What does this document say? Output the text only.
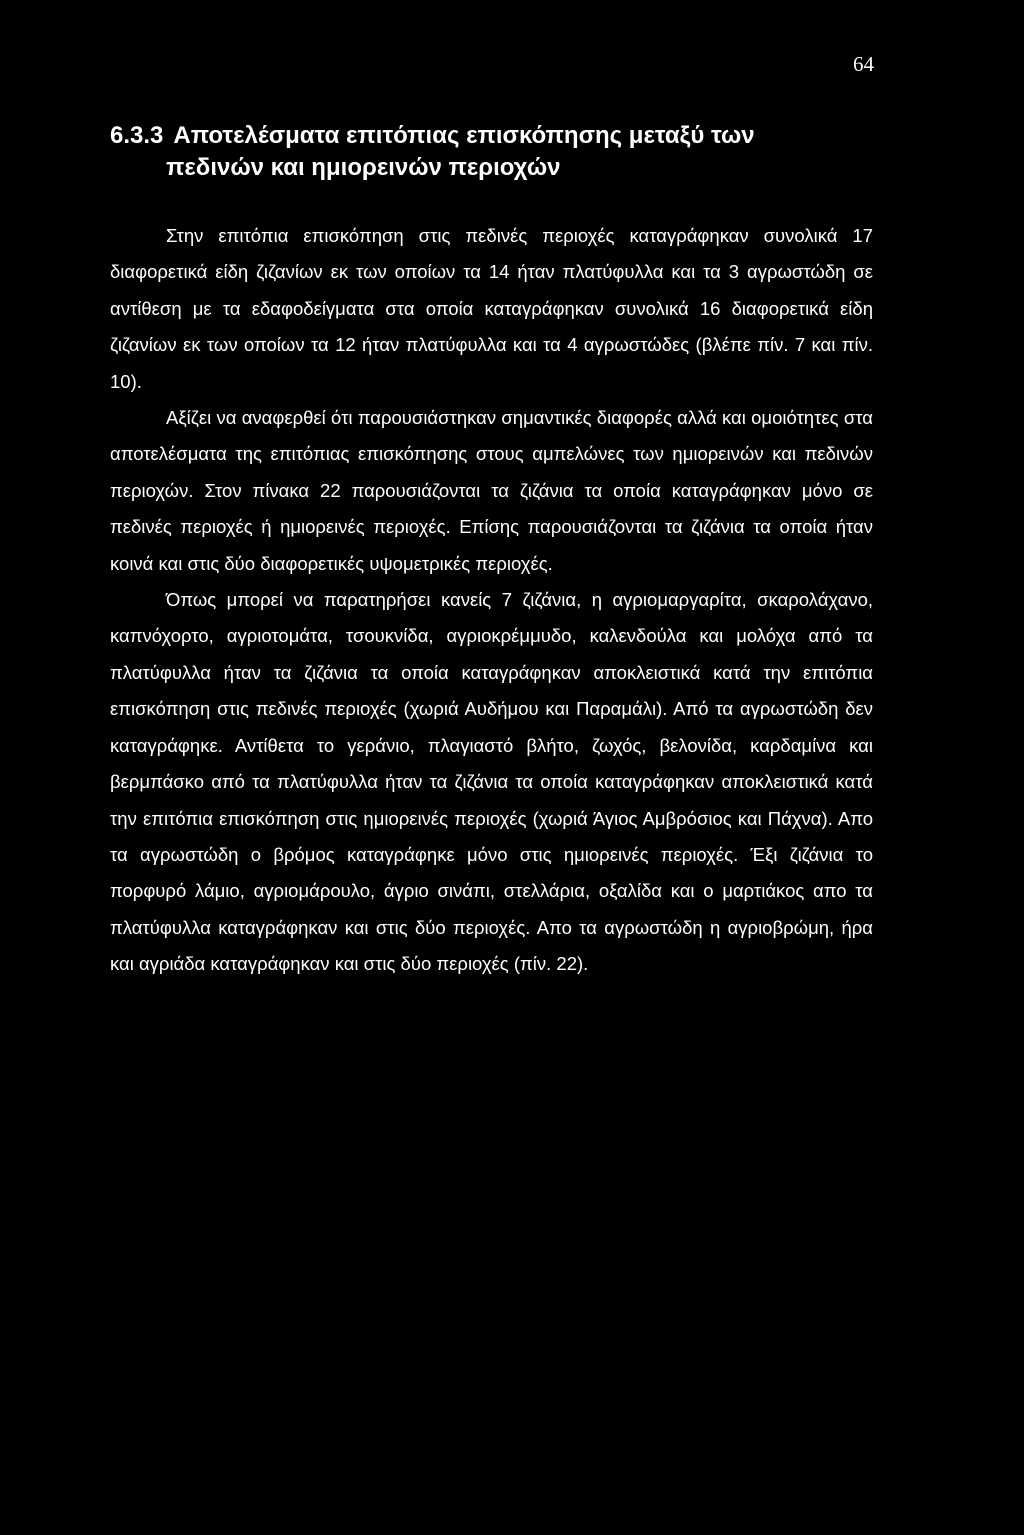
64
6.3.3 Αποτελέσματα επιτόπιας επισκόπησης μεταξύ των
πεδινών και ημιορεινών περιοχών

Στην επιτόπια επισκόπηση στις πεδινές περιοχές καταγράφηκαν συνολικά 17 διαφορετικά είδη ζιζανίων εκ των οποίων τα 14 ήταν πλατύφυλλα και τα 3 αγρωστώδη σε αντίθεση με τα εδαφοδείγματα στα οποία καταγράφηκαν συνολικά 16 διαφορετικά είδη ζιζανίων εκ των οποίων τα 12 ήταν πλατύφυλλα και τα 4 αγρωστώδες (βλέπε πίν. 7 και πίν. 10).

Αξίζει να αναφερθεί ότι παρουσιάστηκαν σημαντικές διαφορές αλλά και ομοιότητες στα αποτελέσματα της επιτόπιας επισκόπησης στους αμπελώνες των ημιορεινών και πεδινών περιοχών. Στον πίνακα 22 παρουσιάζονται τα ζιζάνια τα οποία καταγράφηκαν μόνο σε πεδινές περιοχές ή ημιορεινές περιοχές. Επίσης παρουσιάζονται τα ζιζάνια τα οποία ήταν κοινά και στις δύο διαφορετικές υψομετρικές περιοχές.

Όπως μπορεί να παρατηρήσει κανείς 7 ζιζάνια, η αγριομαργαρίτα, σκαρολάχανο, καπνόχορτο, αγριοτομάτα, τσουκνίδα, αγριοκρέμμυδο, καλενδούλα και μολόχα από τα πλατύφυλλα ήταν τα ζιζάνια τα οποία καταγράφηκαν αποκλειστικά κατά την επιτόπια επισκόπηση στις πεδινές περιοχές (χωριά Αυδήμου και Παραμάλι). Από τα αγρωστώδη δεν καταγράφηκε. Αντίθετα το γεράνιο, πλαγιαστό βλήτο, ζωχός, βελονίδα, καρδαμίνα και βερμπάσκο από τα πλατύφυλλα ήταν τα ζιζάνια τα οποία καταγράφηκαν αποκλειστικά κατά την επιτόπια επισκόπηση στις ημιορεινές περιοχές (χωριά Άγιος Αμβρόσιος και Πάχνα). Απο τα αγρωστώδη ο βρόμος καταγράφηκε μόνο στις ημιορεινές περιοχές. Έξι ζιζάνια το πορφυρό λάμιο, αγριομάρουλο, άγριο σινάπι, στελλάρια, οξαλίδα και ο μαρτιάκος απο τα πλατύφυλλα καταγράφηκαν και στις δύο περιοχές. Απο τα αγρωστώδη η αγριοβρώμη, ήρα και αγριάδα καταγράφηκαν και στις δύο περιοχές (πίν. 22).
